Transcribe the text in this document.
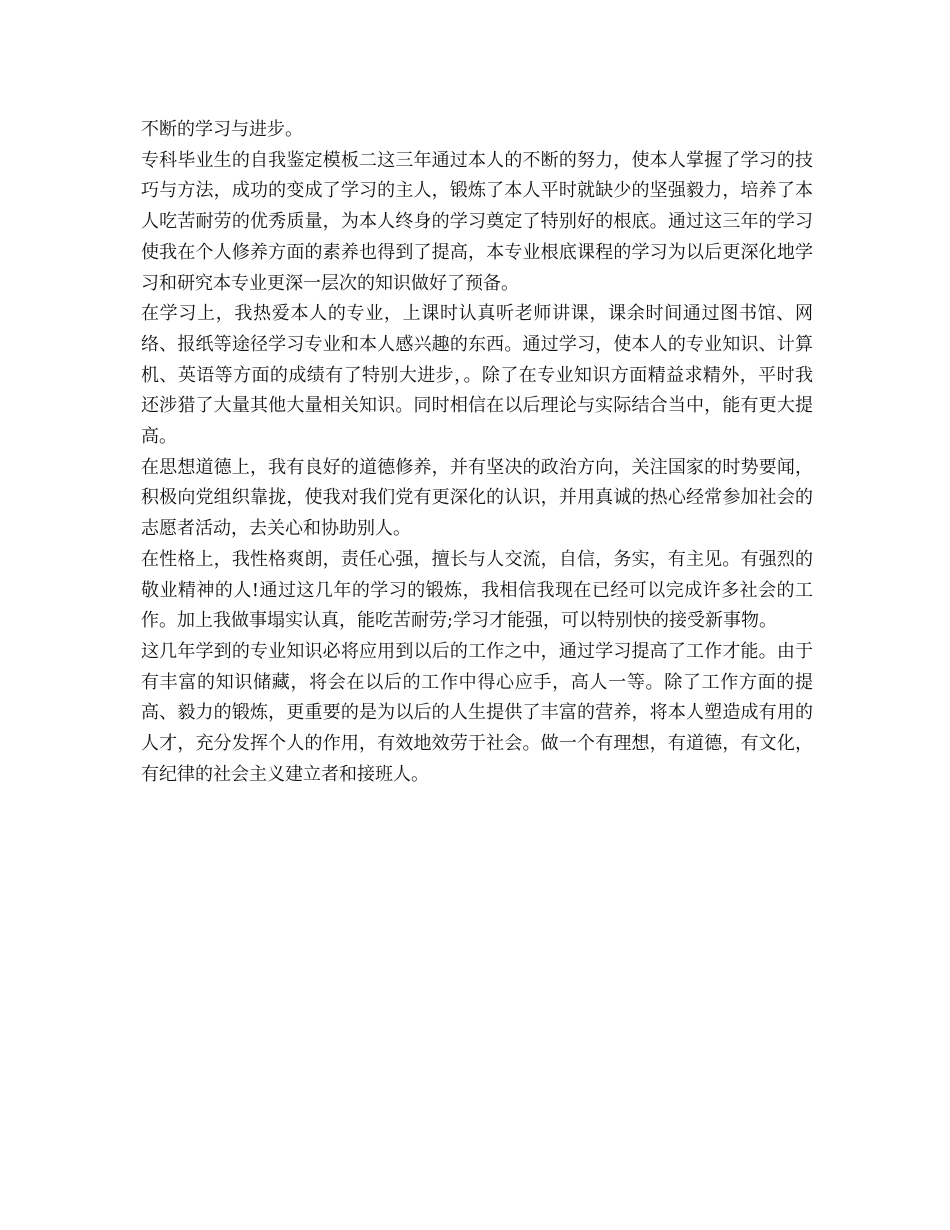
不断的学习与进步。

专科毕业生的自我鉴定模板二这三年通过本人的不断的努力，使本人掌握了学习的技巧与方法，成功的变成了学习的主人，锻炼了本人平时就缺少的坚强毅力，培养了本人吃苦耐劳的优秀质量，为本人终身的学习奠定了特别好的根底。通过这三年的学习使我在个人修养方面的素养也得到了提高，本专业根底课程的学习为以后更深化地学习和研究本专业更深一层次的知识做好了预备。

在学习上，我热爱本人的专业，上课时认真听老师讲课，课余时间通过图书馆、网络、报纸等途径学习专业和本人感兴趣的东西。通过学习，使本人的专业知识、计算机、英语等方面的成绩有了特别大进步，。除了在专业知识方面精益求精外，平时我还涉猎了大量其他大量相关知识。同时相信在以后理论与实际结合当中，能有更大提高。

在思想道德上，我有良好的道德修养，并有坚决的政治方向，关注国家的时势要闻，积极向党组织靠拢，使我对我们党有更深化的认识，并用真诚的热心经常参加社会的志愿者活动，去关心和协助别人。

在性格上，我性格爽朗，责任心强，擅长与人交流，自信，务实，有主见。有强烈的敬业精神的人!通过这几年的学习的锻炼，我相信我现在已经可以完成许多社会的工作。加上我做事塌实认真，能吃苦耐劳;学习才能强，可以特别快的接受新事物。

这几年学到的专业知识必将应用到以后的工作之中，通过学习提高了工作才能。由于有丰富的知识储藏，将会在以后的工作中得心应手，高人一等。除了工作方面的提高、毅力的锻炼，更重要的是为以后的人生提供了丰富的营养，将本人塑造成有用的人才，充分发挥个人的作用，有效地效劳于社会。做一个有理想，有道德，有文化，有纪律的社会主义建立者和接班人。
